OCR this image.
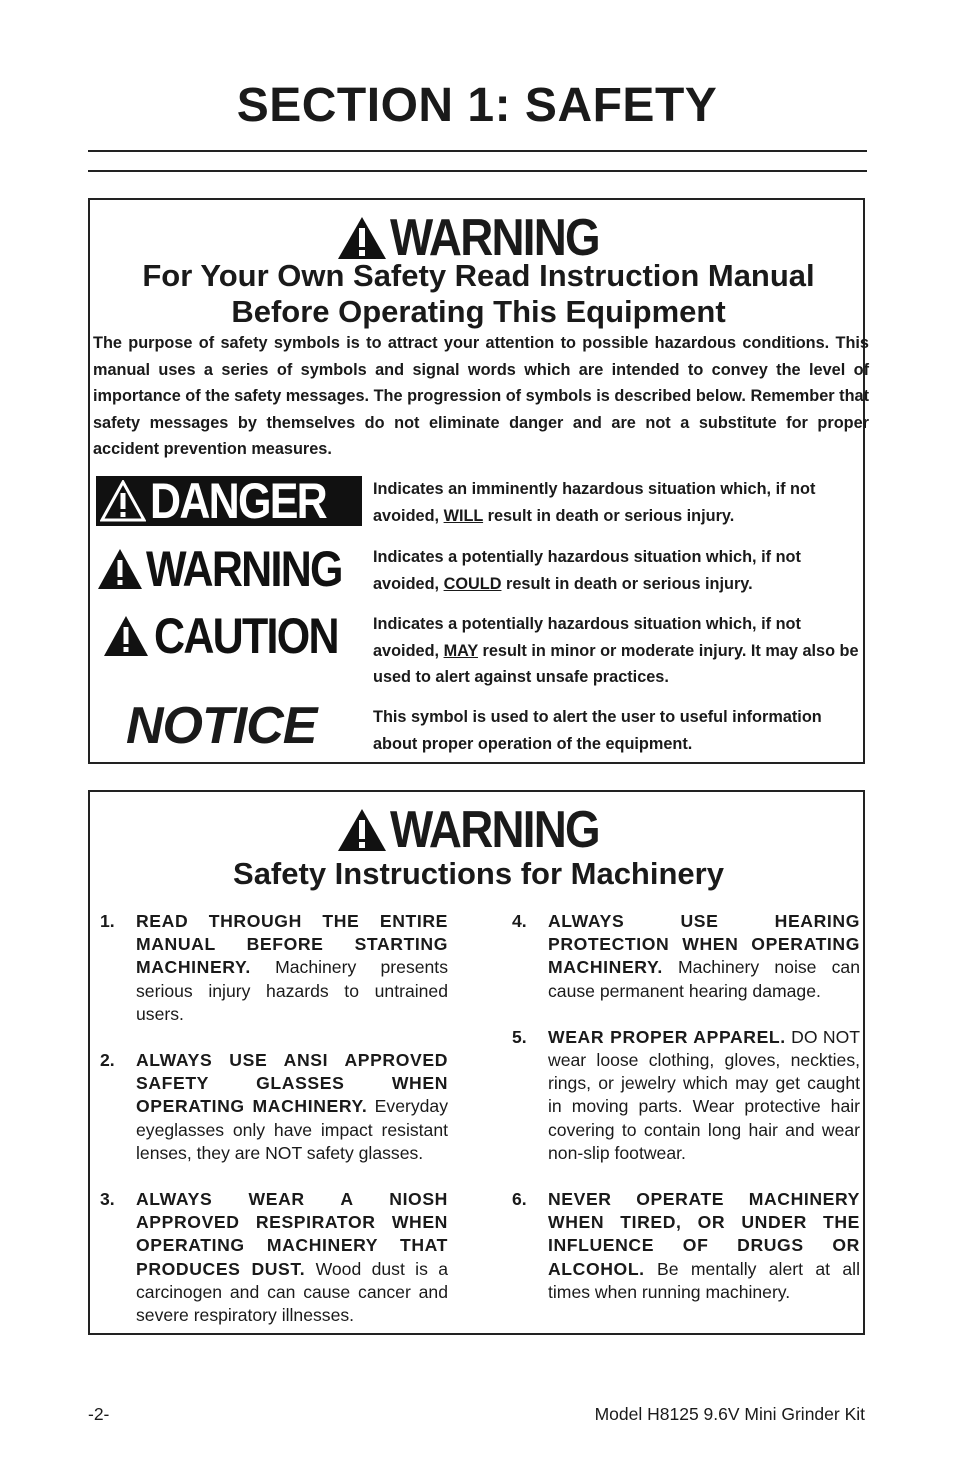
SECTION 1: SAFETY
WARNING

For Your Own Safety Read Instruction Manual

Before Operating This Equipment

The purpose of safety symbols is to attract your attention to possible hazardous conditions. This manual uses a series of symbols and signal words which are intended to convey the level of importance of the safety messages. The progression of symbols is described below. Remember that safety messages by themselves do not eliminate danger and are not a substitute for proper accident prevention measures.

DANGER	Indicates an imminently hazardous situation which, if not avoided, WILL result in death or serious injury.

WARNING Indicates a potentially hazardous situation which, if not avoided, COULD result in death or serious injury.

CAUTION Indicates a potentially hazardous situation which, if not avoided, MAY result in minor or moderate injury. It may also be used to alert against unsafe practices.

NOTICE	This symbol is used to alert the user to useful information about proper operation of the equipment.

WARNING

Safety Instructions for Machinery

1. READ THROUGH THE ENTIRE MANUAL BEFORE STARTING MACHINERY. Machinery presents serious injury hazards to untrained users.

2. ALWAYS USE ANSI APPROVED SAFETY GLASSES WHEN OPERATING MACHINERY. Everyday eyeglasses only have impact resistant lenses, they are NOT safety glasses.

3. ALWAYS WEAR A NIOSH APPROVED RESPIRATOR WHEN OPERATING MACHINERY THAT PRODUCES DUST. Wood dust is a carcinogen and can cause cancer and severe respiratory illnesses.

4. ALWAYS USE HEARING PROTECTION WHEN OPERATING MACHINERY. Machinery noise can cause permanent hearing damage.

5. WEAR PROPER APPAREL. DO NOT wear loose clothing, gloves, neckties, rings, or jewelry which may get caught in moving parts. Wear protective hair covering to contain long hair and wear non-slip footwear.

6. NEVER OPERATE MACHINERY WHEN TIRED, OR UNDER THE INFLUENCE OF DRUGS OR ALCOHOL. Be mentally alert at all times when running machinery.

-2-	Model H8125 9.6V Mini Grinder Kit
